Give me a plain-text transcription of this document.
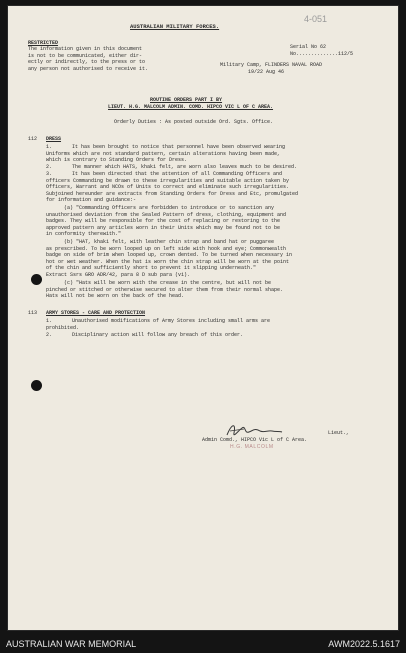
4-051
AUSTRALIAN MILITARY FORCES.
RESTRICTED
The information given in this document
is not to be communicated, either dir-
ectly or indirectly, to the press or to
any person not authorised to receive it.
Serial No 62
No..............112/5
Military Camp, FLINDERS NAVAL ROAD
19/22 Aug 46
ROUTINE ORDERS PART I BY
LIEUT. H.G. MALCOLM ADMIN. COMD. HIPCO VIC L OF C AREA.
Orderly Duties : As posted outside Ord. Sgts. Office.
112 DRESS
1.	It has been brought to notice that personnel have been observed wearing
Uniforms which are not standard pattern, certain alterations having been made,
which is contrary to Standing Orders for Dress.
2.	The manner which HATS, khaki felt, are worn also leaves much to be desired.
3.	It has been directed that the attention of all Commanding Officers and
officers Commanding be drawn to these irregularities and suitable action taken by
Officers, Warrant and NCOs of Units to correct and eliminate such irregularities.
Subjoined hereunder are extracts from Standing Orders for Dress and Etc, promulgated
for information and guidance:-
(a) "Commanding Officers are forbidden to introduce or to sanction any
unauthorised deviation from the Sealed Pattern of dress, clothing, equipment and
badges. They will be responsible for the cost of replacing or restoring to the
approved pattern any articles worn in their Units which may be found not to be
in conformity therewith."
(b) "HAT, khaki felt, with leather chin strap and band hat or puggaree
as prescribed. To be worn looped up on left side with hook and eye; Commonwealth
badge on side of brim when looped up, crown dented. To be turned when necessary in
hot or wet weather. When the hat is worn the chin strap will be worn at the point
of the chin and sufficiently short to prevent it slipping underneath."
Extract Ssrs GRO ADR/42, para 8 D sub para (vi).
(c) "Hats will be worn with the crease in the centre, but will not be
pinched or stitched or otherwise secured to alter them from their normal shape.
Hats will not be worn on the back of the head.
113 ARMY STORES - CARE AND PROTECTION
1.	Unauthorised modifications of Army Stores including small arms are
prohibited.
2.	Disciplinary action will follow any breach of this order.
H.G. MALCOLM
Lieut.,
Admin Comd., HIPCO Vic L of C Area.
AUSTRALIAN WAR MEMORIAL	AWM2022.5.1617
